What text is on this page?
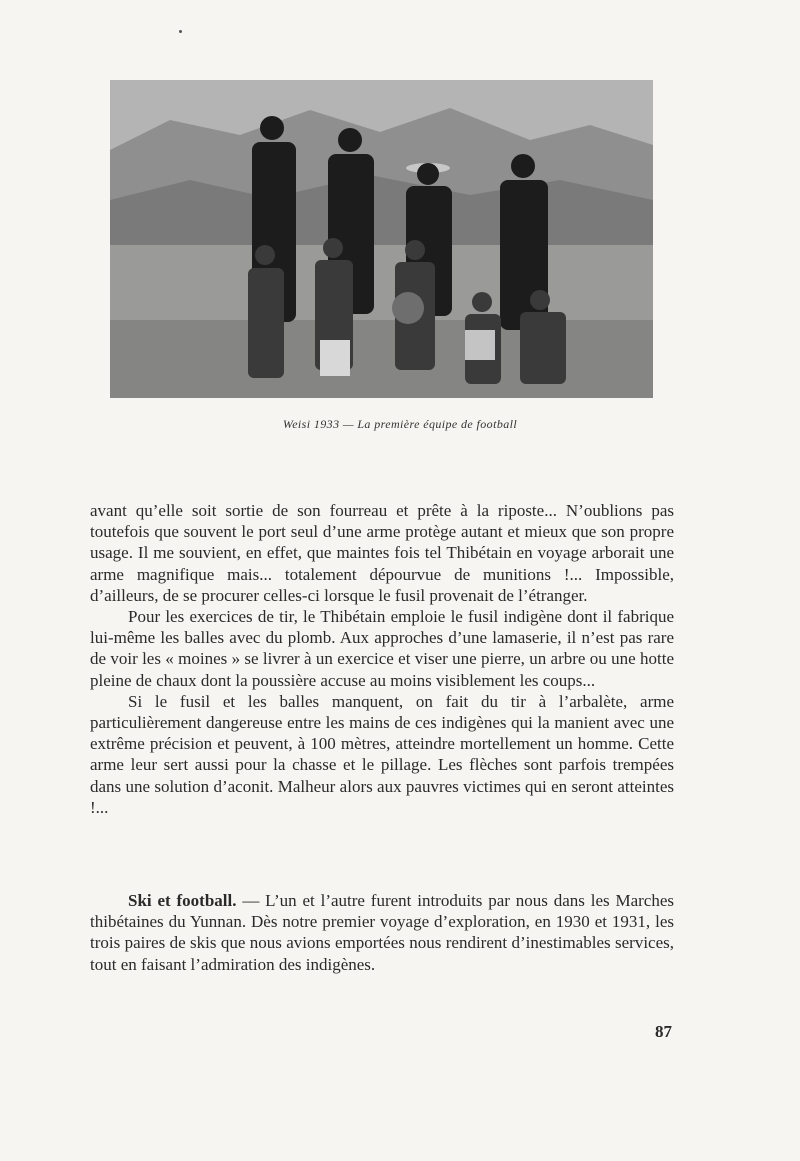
Weisi 1933 — La première équipe de football

avant qu’elle soit sortie de son fourreau et prête à la riposte... N’oublions pas toutefois que souvent le port seul d’une arme protège autant et mieux que son propre usage. Il me souvient, en effet, que maintes fois tel Thibétain en voyage arborait une arme magnifique mais... totalement dépourvue de munitions !... Impossible, d’ailleurs, de se procurer celles-ci lorsque le fusil provenait de l’étranger.

Pour les exercices de tir, le Thibétain emploie le fusil indigène dont il fabrique lui-même les balles avec du plomb. Aux approches d’une lamaserie, il n’est pas rare de voir les « moines » se livrer à un exercice et viser une pierre, un arbre ou une hotte pleine de chaux dont la poussière accuse au moins visiblement les coups...

Si le fusil et les balles manquent, on fait du tir à l’arbalète, arme particulièrement dangereuse entre les mains de ces indigènes qui la manient avec une extrême précision et peuvent, à 100 mètres, atteindre mortellement un homme. Cette arme leur sert aussi pour la chasse et le pillage. Les flèches sont parfois trempées dans une solution d’aconit. Malheur alors aux pauvres victimes qui en seront atteintes !...

Ski et football. — L’un et l’autre furent introduits par nous dans les Marches thibétaines du Yunnan. Dès notre premier voyage d’exploration, en 1930 et 1931, les trois paires de skis que nous avions emportées nous rendirent d’inestimables services, tout en faisant l’admiration des indigènes.

87
